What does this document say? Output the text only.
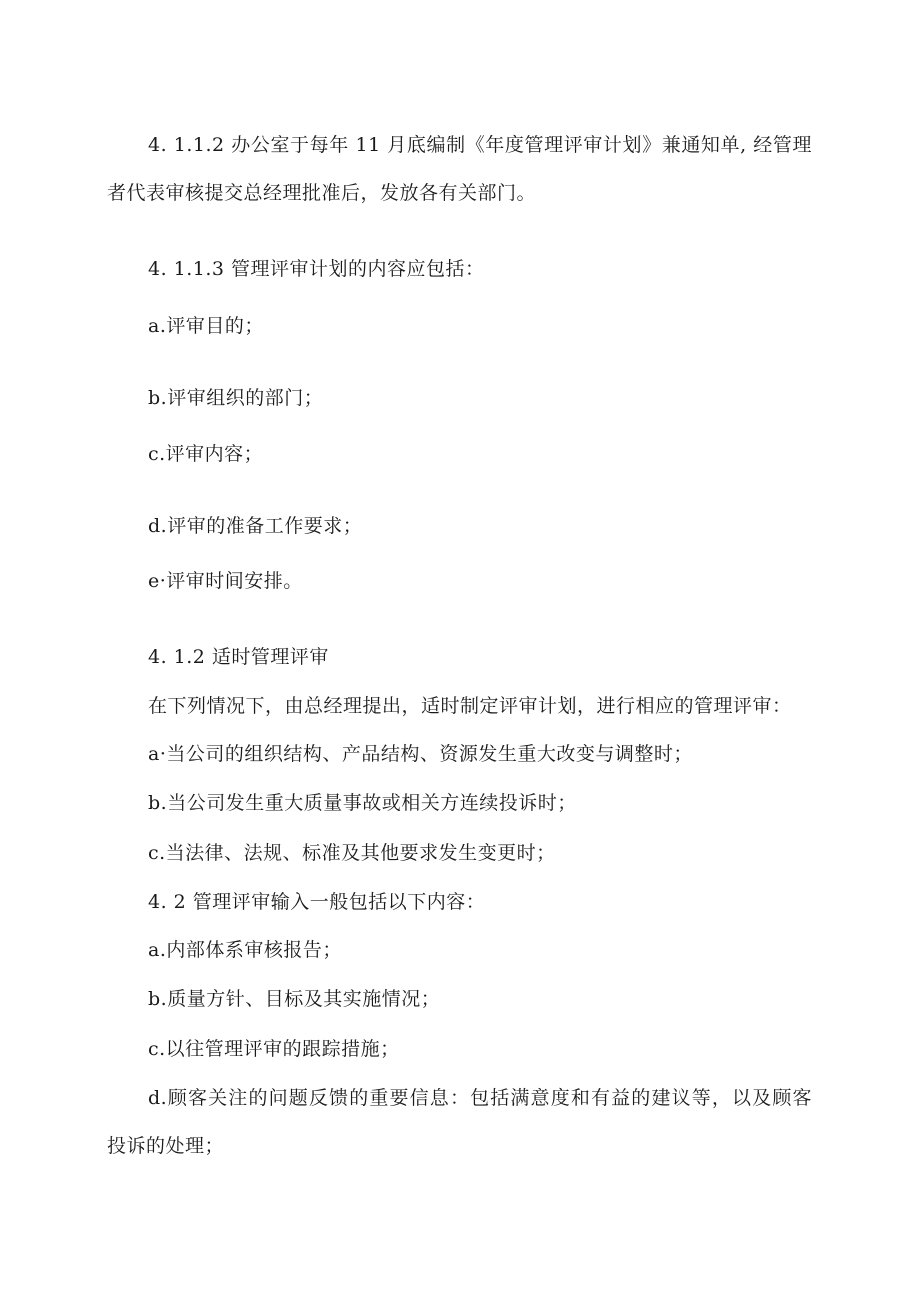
4. 1.1.2 办公室于每年 11 月底编制《年度管理评审计划》兼通知单, 经管理
者代表审核提交总经理批准后，发放各有关部门。
4. 1.1.3 管理评审计划的内容应包括：
a.评审目的；
b.评审组织的部门；
c.评审内容；
d.评审的准备工作要求；
e·评审时间安排。
4. 1.2 适时管理评审
在下列情况下，由总经理提出，适时制定评审计划，进行相应的管理评审：
a·当公司的组织结构、产品结构、资源发生重大改变与调整时；
b.当公司发生重大质量事故或相关方连续投诉时；
c.当法律、法规、标准及其他要求发生变更时；
4. 2 管理评审输入一般包括以下内容：
a.内部体系审核报告；
b.质量方针、目标及其实施情况；
c.以往管理评审的跟踪措施；
d.顾客关注的问题反馈的重要信息：包括满意度和有益的建议等，以及顾客
投诉的处理；
